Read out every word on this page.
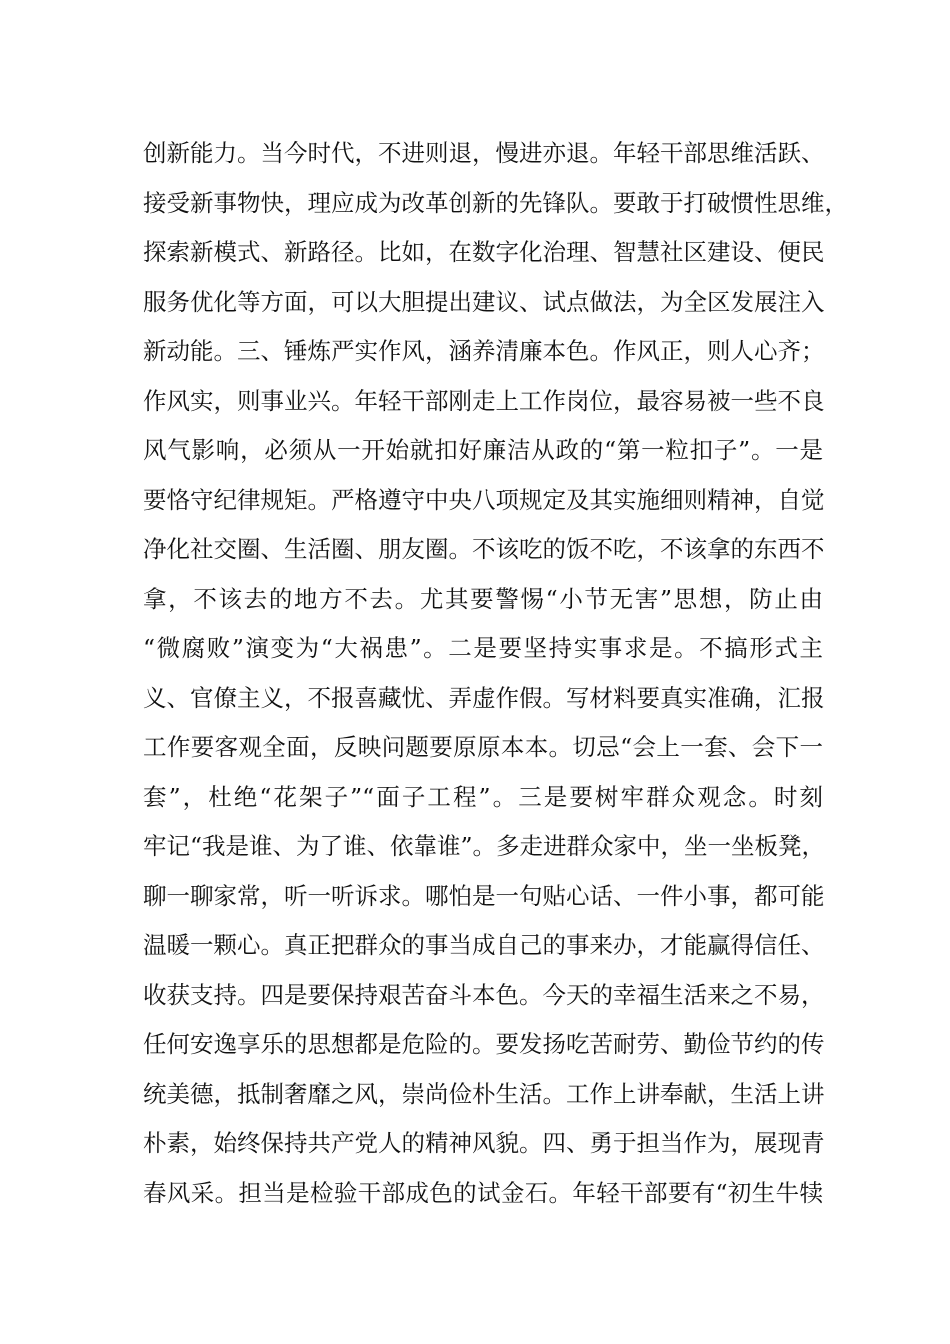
创新能力。当今时代，不进则退，慢进亦退。年轻干部思维活跃、
接受新事物快，理应成为改革创新的先锋队。要敢于打破惯性思维，
探索新模式、新路径。比如，在数字化治理、智慧社区建设、便民
服务优化等方面，可以大胆提出建议、试点做法，为全区发展注入
新动能。三、锤炼严实作风，涵养清廉本色。作风正，则人心齐；
作风实，则事业兴。年轻干部刚走上工作岗位，最容易被一些不良
风气影响，必须从一开始就扣好廉洁从政的“第一粒扣子”。一是
要恪守纪律规矩。严格遵守中央八项规定及其实施细则精神，自觉
净化社交圈、生活圈、朋友圈。不该吃的饭不吃，不该拿的东西不
拿，不该去的地方不去。尤其要警惕“小节无害”思想，防止由
“微腐败”演变为“大祸患”。二是要坚持实事求是。不搞形式主
义、官僚主义，不报喜藏忧、弄虚作假。写材料要真实准确，汇报
工作要客观全面，反映问题要原原本本。切忌“会上一套、会下一
套”，杜绝“花架子”“面子工程”。三是要树牢群众观念。时刻
牢记“我是谁、为了谁、依靠谁”。多走进群众家中，坐一坐板凳，
聊一聊家常，听一听诉求。哪怕是一句贴心话、一件小事，都可能
温暖一颗心。真正把群众的事当成自己的事来办，才能赢得信任、
收获支持。四是要保持艰苦奋斗本色。今天的幸福生活来之不易，
任何安逸享乐的思想都是危险的。要发扬吃苦耐劳、勤俭节约的传
统美德，抵制奢靡之风，崇尚俭朴生活。工作上讲奉献，生活上讲
朴素，始终保持共产党人的精神风貌。四、勇于担当作为，展现青
春风采。担当是检验干部成色的试金石。年轻干部要有“初生牛犊
